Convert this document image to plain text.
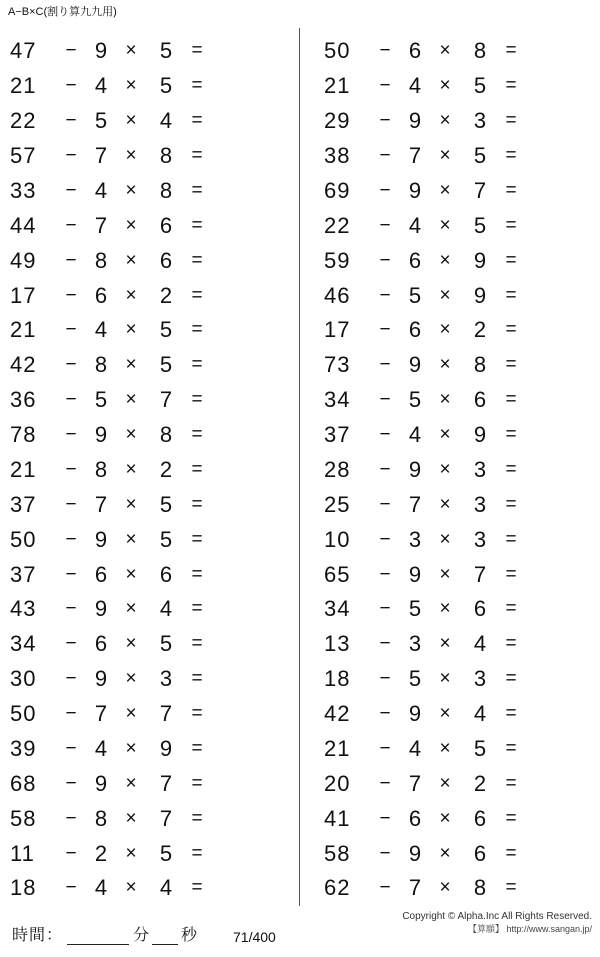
A−B×C(割り算九九用)
47	− 9 ×	5	=
21	− 4 ×	5	=
22	− 5 ×	4	=
57	− 7 ×	8	=
33	− 4 ×	8	=
44	− 7 ×	6	=
49	− 8 ×	6	=
17	− 6 ×	2	=
21	− 4 ×	5	=
42	− 8 ×	5	=
36	− 5 ×	7	=
78	− 9 ×	8	=
21	− 8 ×	2	=
37	− 7 ×	5	=
50	− 9 ×	5	=
37	− 6 ×	6	=
43	− 9 ×	4	=
34	− 6 ×	5	=
30	− 9 ×	3	=
50	− 7 ×	7	=
39	− 4 ×	9	=
68	− 9 ×	7	=
58	− 8 ×	7	=
11	− 2 ×	5	=
18	− 4 ×	4	=
50	− 6 ×	8	=
21	− 4 ×	5	=
29	− 9 ×	3	=
38	− 7 ×	5	=
69	− 9 ×	7	=
22	− 4 ×	5	=
59	− 6 ×	9	=
46	− 5 ×	9	=
17	− 6 ×	2	=
73	− 9 ×	8	=
34	− 5 ×	6	=
37	− 4 ×	9	=
28	− 9 ×	3	=
25	− 7 ×	3	=
10	− 3 ×	3	=
65	− 9 ×	7	=
34	− 5 ×	6	=
13	− 3 ×	4	=
18	− 5 ×	3	=
42	− 9 ×	4	=
21	− 4 ×	5	=
20	− 7 ×	2	=
41	− 6 ×	6	=
58	− 9 ×	6	=
62	− 7 ×	8	=
時間：	分 秒	71/400
Copyright © Alpha.Inc All Rights Reserved.
【算願】 http://www.sangan.jp/
